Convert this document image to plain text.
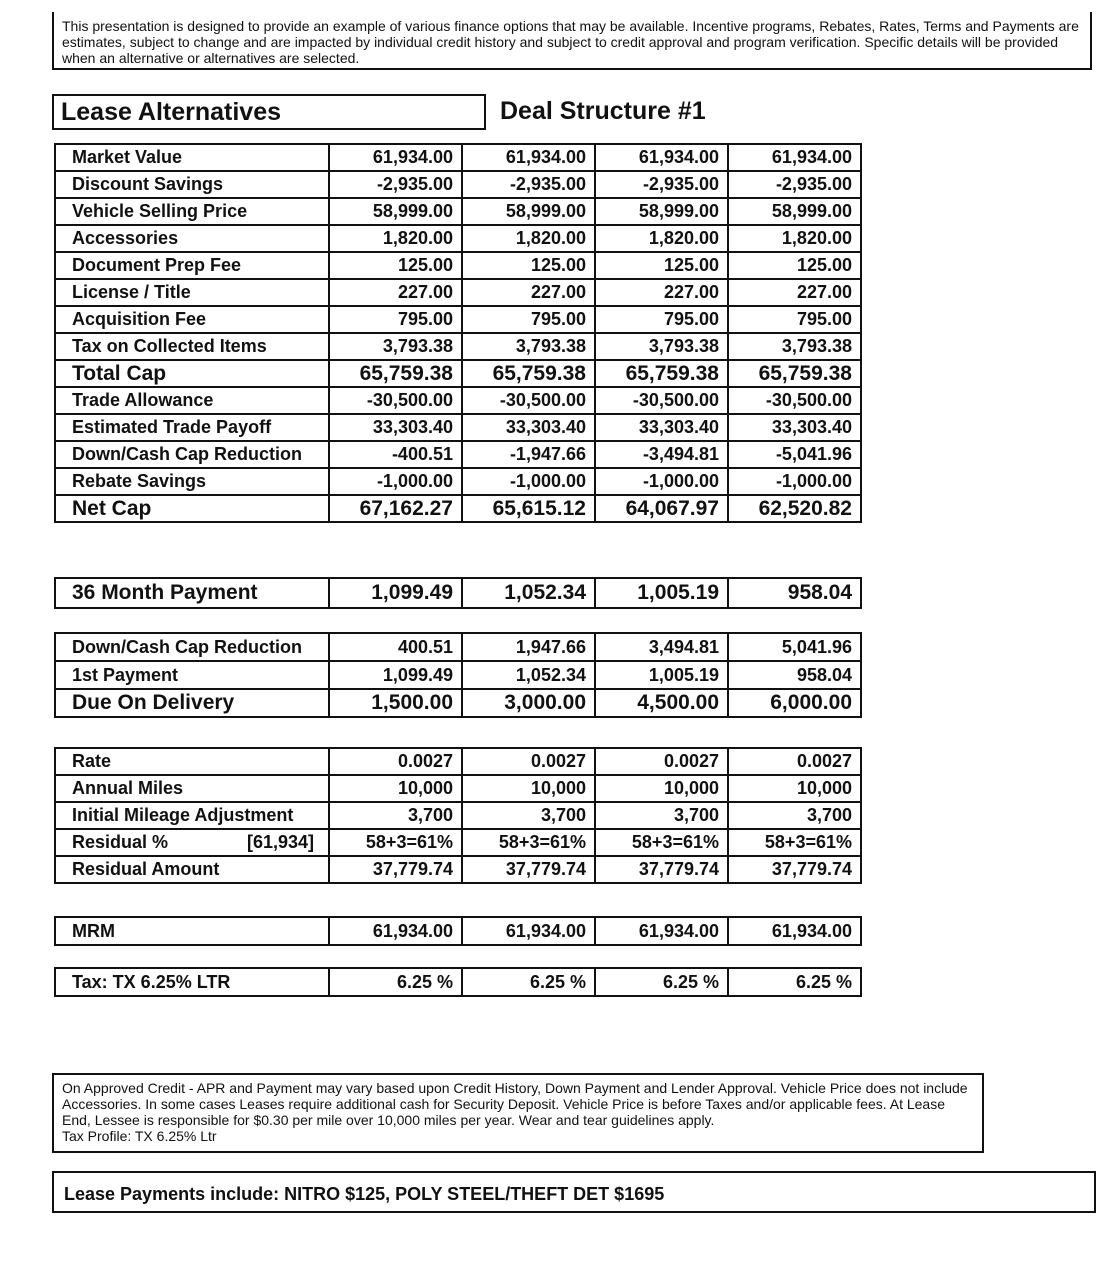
This presentation is designed to provide an example of various finance options that may be available. Incentive programs, Rebates, Rates, Terms and Payments are estimates, subject to change and are impacted by individual credit history and subject to credit approval and program verification. Specific details will be provided when an alternative or alternatives are selected.
Lease Alternatives	Deal Structure #1
Market Value	61,934.00	61,934.00	61,934.00	61,934.00
Discount Savings	-2,935.00	-2,935.00	-2,935.00	-2,935.00
Vehicle Selling Price	58,999.00	58,999.00	58,999.00	58,999.00
Accessories	1,820.00	1,820.00	1,820.00	1,820.00
Document Prep Fee	125.00	125.00	125.00	125.00
License / Title	227.00	227.00	227.00	227.00
Acquisition Fee	795.00	795.00	795.00	795.00
Tax on Collected Items	3,793.38	3,793.38	3,793.38	3,793.38
Total Cap	65,759.38	65,759.38	65,759.38	65,759.38
Trade Allowance	-30,500.00	-30,500.00	-30,500.00	-30,500.00
Estimated Trade Payoff	33,303.40	33,303.40	33,303.40	33,303.40
Down/Cash Cap Reduction	-400.51	-1,947.66	-3,494.81	-5,041.96
Rebate Savings	-1,000.00	-1,000.00	-1,000.00	-1,000.00
Net Cap	67,162.27	65,615.12	64,067.97	62,520.82
36 Month Payment	1,099.49	1,052.34	1,005.19	958.04
Down/Cash Cap Reduction	400.51	1,947.66	3,494.81	5,041.96
1st Payment	1,099.49	1,052.34	1,005.19	958.04
Due On Delivery	1,500.00	3,000.00	4,500.00	6,000.00
Rate	0.0027	0.0027	0.0027	0.0027
Annual Miles	10,000	10,000	10,000	10,000
Initial Mileage Adjustment	3,700	3,700	3,700	3,700

Residual % [61,934]	58+3=61%	58+3=61%	58+3=61%	58+3=61%
Residual Amount	37,779.74	37,779.74	37,779.74	37,779.74
MRM	61,934.00	61,934.00	61,934.00	61,934.00
Tax: TX 6.25% LTR	6.25 %	6.25 %	6.25 %	6.25 %
On Approved Credit - APR and Payment may vary based upon Credit History, Down Payment and Lender Approval. Vehicle Price does not include Accessories. In some cases Leases require additional cash for Security Deposit. Vehicle Price is before Taxes and/or applicable fees. At Lease End, Lessee is responsible for $0.30 per mile over 10,000 miles per year. Wear and tear guidelines apply.
Tax Profile: TX 6.25% Ltr
Lease Payments include: NITRO $125, POLY STEEL/THEFT DET $1695
